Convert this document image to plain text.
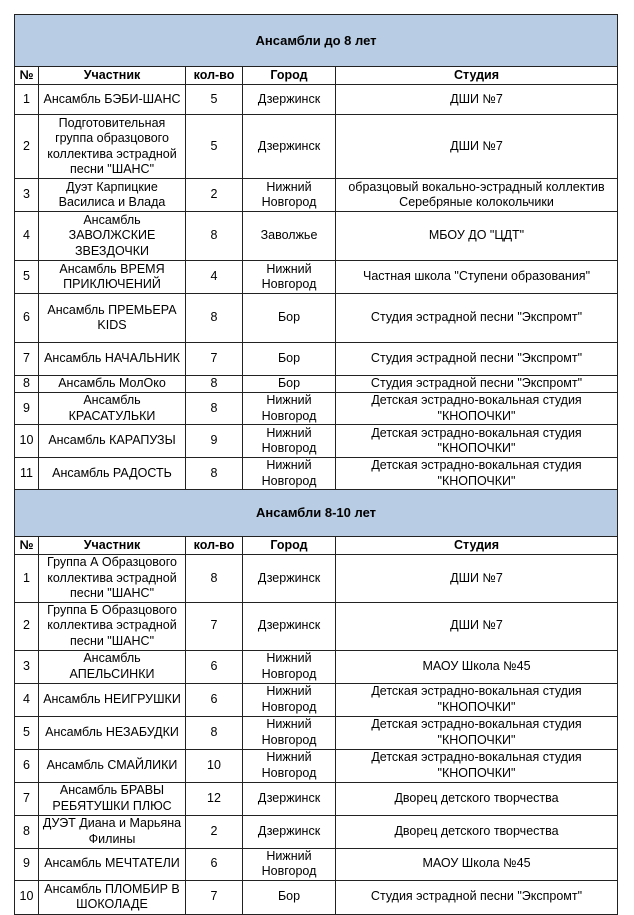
Ансамбли до 8 лет				
№	Участник	кол-во	Город	Студия
1	Ансамбль БЭБИ-ШАНС	5	Дзержинск	ДШИ №7
2	Подготовительная группа образцового коллектива эстрадной песни "ШАНС"	5	Дзержинск	ДШИ №7
3	Дуэт Карпицкие Василиса и Влада	2	Нижний Новгород	образцовый вокально-эстрадный коллектив Серебряные колокольчики
4	Ансамбль ЗАВОЛЖСКИЕ ЗВЕЗДОЧКИ	8	Заволжье	МБОУ ДО "ЦДТ"
5	Ансамбль ВРЕМЯ ПРИКЛЮЧЕНИЙ	4	Нижний Новгород	Частная школа "Ступени образования"
6	Ансамбль ПРЕМЬЕРА KIDS	8	Бор	Студия эстрадной песни "Экспромт"
7	Ансамбль НАЧАЛЬНИК	7	Бор	Студия эстрадной песни "Экспромт"
8	Ансамбль МолОко	8	Бор	Студия эстрадной песни "Экспромт"
9	Ансамбль КРАСАТУЛЬКИ	8	Нижний Новгород	Детская эстрадно-вокальная студия "КНОПОЧКИ"
10	Ансамбль КАРАПУЗЫ	9	Нижний Новгород	Детская эстрадно-вокальная студия "КНОПОЧКИ"
11	Ансамбль РАДОСТЬ	8	Нижний Новгород	Детская эстрадно-вокальная студия "КНОПОЧКИ"
Ансамбли 8-10 лет				
№	Участник	кол-во	Город	Студия
1	Группа А Образцового коллектива эстрадной песни "ШАНС"	8	Дзержинск	ДШИ №7
2	Группа Б Образцового коллектива эстрадной песни "ШАНС"	7	Дзержинск	ДШИ №7
3	Ансамбль АПЕЛЬСИНКИ	6	Нижний Новгород	МАОУ Школа №45
4	Ансамбль НЕИГРУШКИ	6	Нижний Новгород	Детская эстрадно-вокальная студия "КНОПОЧКИ"
5	Ансамбль НЕЗАБУДКИ	8	Нижний Новгород	Детская эстрадно-вокальная студия "КНОПОЧКИ"
6	Ансамбль СМАЙЛИКИ	10	Нижний Новгород	Детская эстрадно-вокальная студия "КНОПОЧКИ"
7	Ансамбль БРАВЫ РЕБЯТУШКИ ПЛЮС	12	Дзержинск	Дворец детского творчества
8	ДУЭТ Диана и Марьяна Филины	2	Дзержинск	Дворец детского творчества
9	Ансамбль МЕЧТАТЕЛИ	6	Нижний Новгород	МАОУ Школа №45
10	Ансамбль ПЛОМБИР В ШОКОЛАДЕ	7	Бор	Студия эстрадной песни "Экспромт"
